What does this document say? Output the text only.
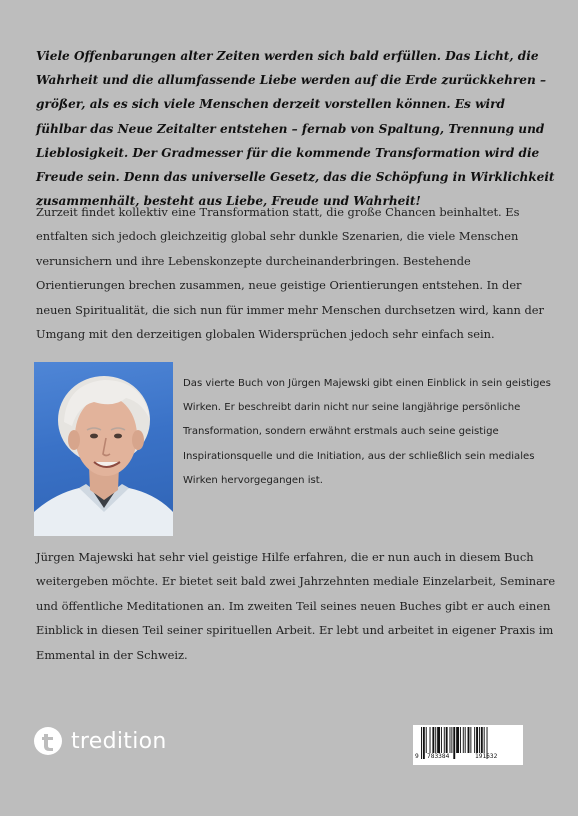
Viele Offenbarungen alter Zeiten werden sich bald erfüllen. Das Licht, die Wahrheit und die allumfassende Liebe werden auf die Erde zurückkehren – größer, als es sich viele Menschen derzeit vorstellen können. Es wird fühlbar das Neue Zeitalter entstehen – fernab von Spaltung, Trennung und Lieblosigkeit. Der Gradmesser für die kommende Transformation wird die Freude sein. Denn das universelle Gesetz, das die Schöpfung in Wirklichkeit zusammenhält, besteht aus Liebe, Freude und Wahrheit!

Zurzeit findet kollektiv eine Transformation statt, die große Chancen beinhaltet. Es entfalten sich jedoch gleichzeitig global sehr dunkle Szenarien, die viele Menschen verunsichern und ihre Lebenskonzepte durcheinanderbringen. Bestehende Orientierungen brechen zusammen, neue geistige Orientierungen entstehen. In der neuen Spiritualität, die sich nun für immer mehr Menschen durchsetzen wird, kann der Umgang mit den derzeitigen globalen Widersprüchen jedoch sehr einfach sein.

Das vierte Buch von Jürgen Majewski gibt einen Einblick in sein geistiges Wirken. Er beschreibt darin nicht nur seine langjährige persönliche Transformation, sondern erwähnt erstmals auch seine geistige Inspirationsquelle und die Initiation, aus der schließlich sein mediales Wirken hervorgegangen ist.

Jürgen Majewski hat sehr viel geistige Hilfe erfahren, die er nun auch in diesem Buch weitergeben möchte. Er bietet seit bald zwei Jahrzehnten mediale Einzelarbeit, Seminare und öffentliche Meditationen an. Im zweiten Teil seines neuen Buches gibt er auch einen Einblick in diesen Teil seiner spirituellen Arbeit. Er lebt und arbeitet in eigener Praxis im Emmental in der Schweiz.

tredition
9 783384	191632
